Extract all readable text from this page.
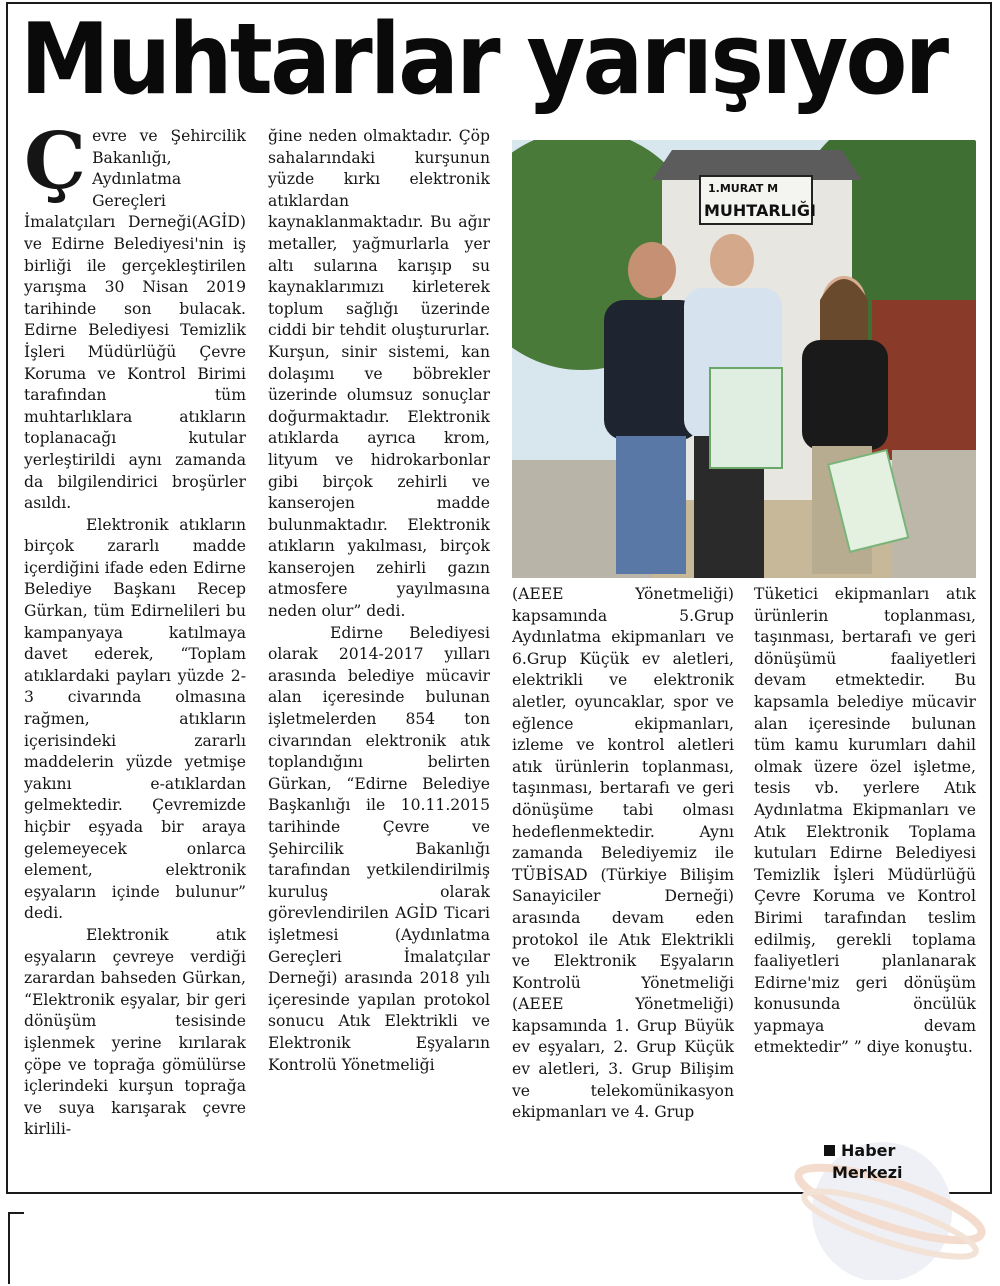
Muhtarlar yarışıyor

Çevre ve Şehircilik Bakanlığı, Aydınlatma Gereçleri İmalatçıları Derneği(AGİD) ve Edirne Belediyesi'nin iş birliği ile gerçekleştirilen yarışma 30 Nisan 2019 tarihinde son bulacak. Edirne Belediyesi Temizlik İşleri Müdürlüğü Çevre Koruma ve Kontrol Birimi tarafından tüm muhtarlıklara atıkların toplanacağı kutular yerleştirildi aynı zamanda da bilgilendirici broşürler asıldı.

Elektronik atıkların birçok zararlı madde içerdiğini ifade eden Edirne Belediye Başkanı Recep Gürkan, tüm Edirnelileri bu kampanyaya katılmaya davet ederek, “Toplam atıklardaki payları yüzde 2-3 civarında olmasına rağmen, atıkların içerisindeki zararlı maddelerin yüzde yetmişe yakını e-atıklardan gelmektedir. Çevremizde hiçbir eşyada bir araya gelemeyecek onlarca element, elektronik eşyaların içinde bulunur” dedi.

Elektronik atık eşyaların çevreye verdiği zarardan bahseden Gürkan, “Elektronik eşyalar, bir geri dönüşüm tesisinde işlenmek yerine kırılarak çöpe ve toprağa gömülürse içlerindeki kurşun toprağa ve suya karışarak çevre kirlili-

ğine neden olmaktadır. Çöp sahalarındaki kurşunun yüzde kırkı elektronik atıklardan kaynaklanmaktadır. Bu ağır metaller, yağmurlarla yer altı sularına karışıp su kaynaklarımızı kirleterek toplum sağlığı üzerinde ciddi bir tehdit oluştururlar. Kurşun, sinir sistemi, kan dolaşımı ve böbrekler üzerinde olumsuz sonuçlar doğurmaktadır. Elektronik atıklarda ayrıca krom, lityum ve hidrokarbonlar gibi birçok zehirli ve kanserojen madde bulunmaktadır. Elektronik atıkların yakılması, birçok kanserojen zehirli gazın atmosfere yayılmasına neden olur” dedi.

Edirne Belediyesi olarak 2014-2017 yılları arasında belediye mücavir alan içeresinde bulunan işletmelerden 854 ton civarından elektronik atık toplandığını belirten Gürkan, “Edirne Belediye Başkanlığı ile 10.11.2015 tarihinde Çevre ve Şehircilik Bakanlığı tarafından yetkilendirilmiş kuruluş olarak görevlendirilen AGİD Ticari işletmesi (Aydınlatma Gereçleri İmalatçılar Derneği) arasında 2018 yılı içeresinde yapılan protokol sonucu Atık Elektrikli ve Elektronik Eşyaların Kontrolü Yönetmeliği

1.MURAT M
MUHTARLIĞI

(AEEE Yönetmeliği) kapsamında 5.Grup Aydınlatma ekipmanları ve 6.Grup Küçük ev aletleri, elektrikli ve elektronik aletler, oyuncaklar, spor ve eğlence ekipmanları, izleme ve kontrol aletleri atık ürünlerin toplanması, taşınması, bertarafı ve geri dönüşüme tabi olması hedeflenmektedir. Aynı zamanda Belediyemiz ile TÜBİSAD (Türkiye Bilişim Sanayiciler Derneği) arasında devam eden protokol ile Atık Elektrikli ve Elektronik Eşyaların Kontrolü Yönetmeliği (AEEE Yönetmeliği) kapsamında 1. Grup Büyük ev eşyaları, 2. Grup Küçük ev aletleri, 3. Grup Bilişim ve telekomünikasyon ekipmanları ve 4. Grup

Tüketici ekipmanları atık ürünlerin toplanması, taşınması, bertarafı ve geri dönüşümü faaliyetleri devam etmektedir. Bu kapsamla belediye mücavir alan içeresinde bulunan tüm kamu kurumları dahil olmak üzere özel işletme, tesis vb. yerlere Atık Aydınlatma Ekipmanları ve Atık Elektronik Toplama kutuları Edirne Belediyesi Temizlik İşleri Müdürlüğü Çevre Koruma ve Kontrol Birimi tarafından teslim edilmiş, gerekli toplama faaliyetleri planlanarak Edirne'miz geri dönüşüm konusunda öncülük yapmaya devam etmektedir” ” diye konuştu.

Haber
Merkezi
